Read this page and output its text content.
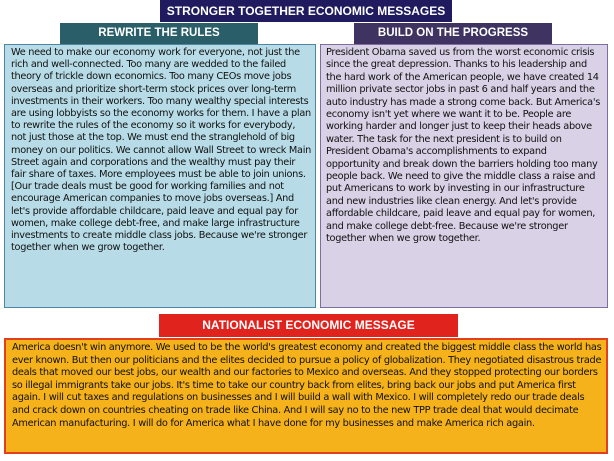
STRONGER TOGETHER ECONOMIC MESSAGES
REWRITE THE RULES	BUILD ON THE PROGRESS

We need to make our economy work for everyone, not just the rich and well-connected. Too many are wedded to the failed theory of trickle down economics. Too many CEOs move jobs overseas and prioritize short-term stock prices over long-term investments in their workers. Too many wealthy special interests are using lobbyists so the economy works for them. I have a plan to rewrite the rules of the economy so it works for everybody, not just those at the top. We must end the stranglehold of big money on our politics. We cannot allow Wall Street to wreck Main Street again and corporations and the wealthy must pay their fair share of taxes. More employees must be able to join unions. [Our trade deals must be good for working families and not encourage American companies to move jobs overseas.] And let's provide affordable childcare, paid leave and equal pay for women, make college debt-free, and make large infrastructure investments to create middle class jobs. Because we're stronger together when we grow together.

President Obama saved us from the worst economic crisis since the great depression. Thanks to his leadership and the hard work of the American people, we have created 14 million private sector jobs in past 6 and half years and the auto industry has made a strong come back. But America's economy isn't yet where we want it to be. People are working harder and longer just to keep their heads above water. The task for the next president is to build on President Obama's accomplishments to expand opportunity and break down the barriers holding too many people back. We need to give the middle class a raise and put Americans to work by investing in our infrastructure and new industries like clean energy. And let's provide affordable childcare, paid leave and equal pay for women, and make college debt-free. Because we're stronger together when we grow together.

NATIONALIST ECONOMIC MESSAGE

America doesn't win anymore. We used to be the world's greatest economy and created the biggest middle class the world has ever known. But then our politicians and the elites decided to pursue a policy of globalization. They negotiated disastrous trade deals that moved our best jobs, our wealth and our factories to Mexico and overseas. And they stopped protecting our borders so illegal immigrants take our jobs. It's time to take our country back from elites, bring back our jobs and put America first again. I will cut taxes and regulations on businesses and I will build a wall with Mexico. I will completely redo our trade deals and crack down on countries cheating on trade like China. And I will say no to the new TPP trade deal that would decimate American manufacturing. I will do for America what I have done for my businesses and make America rich again.
